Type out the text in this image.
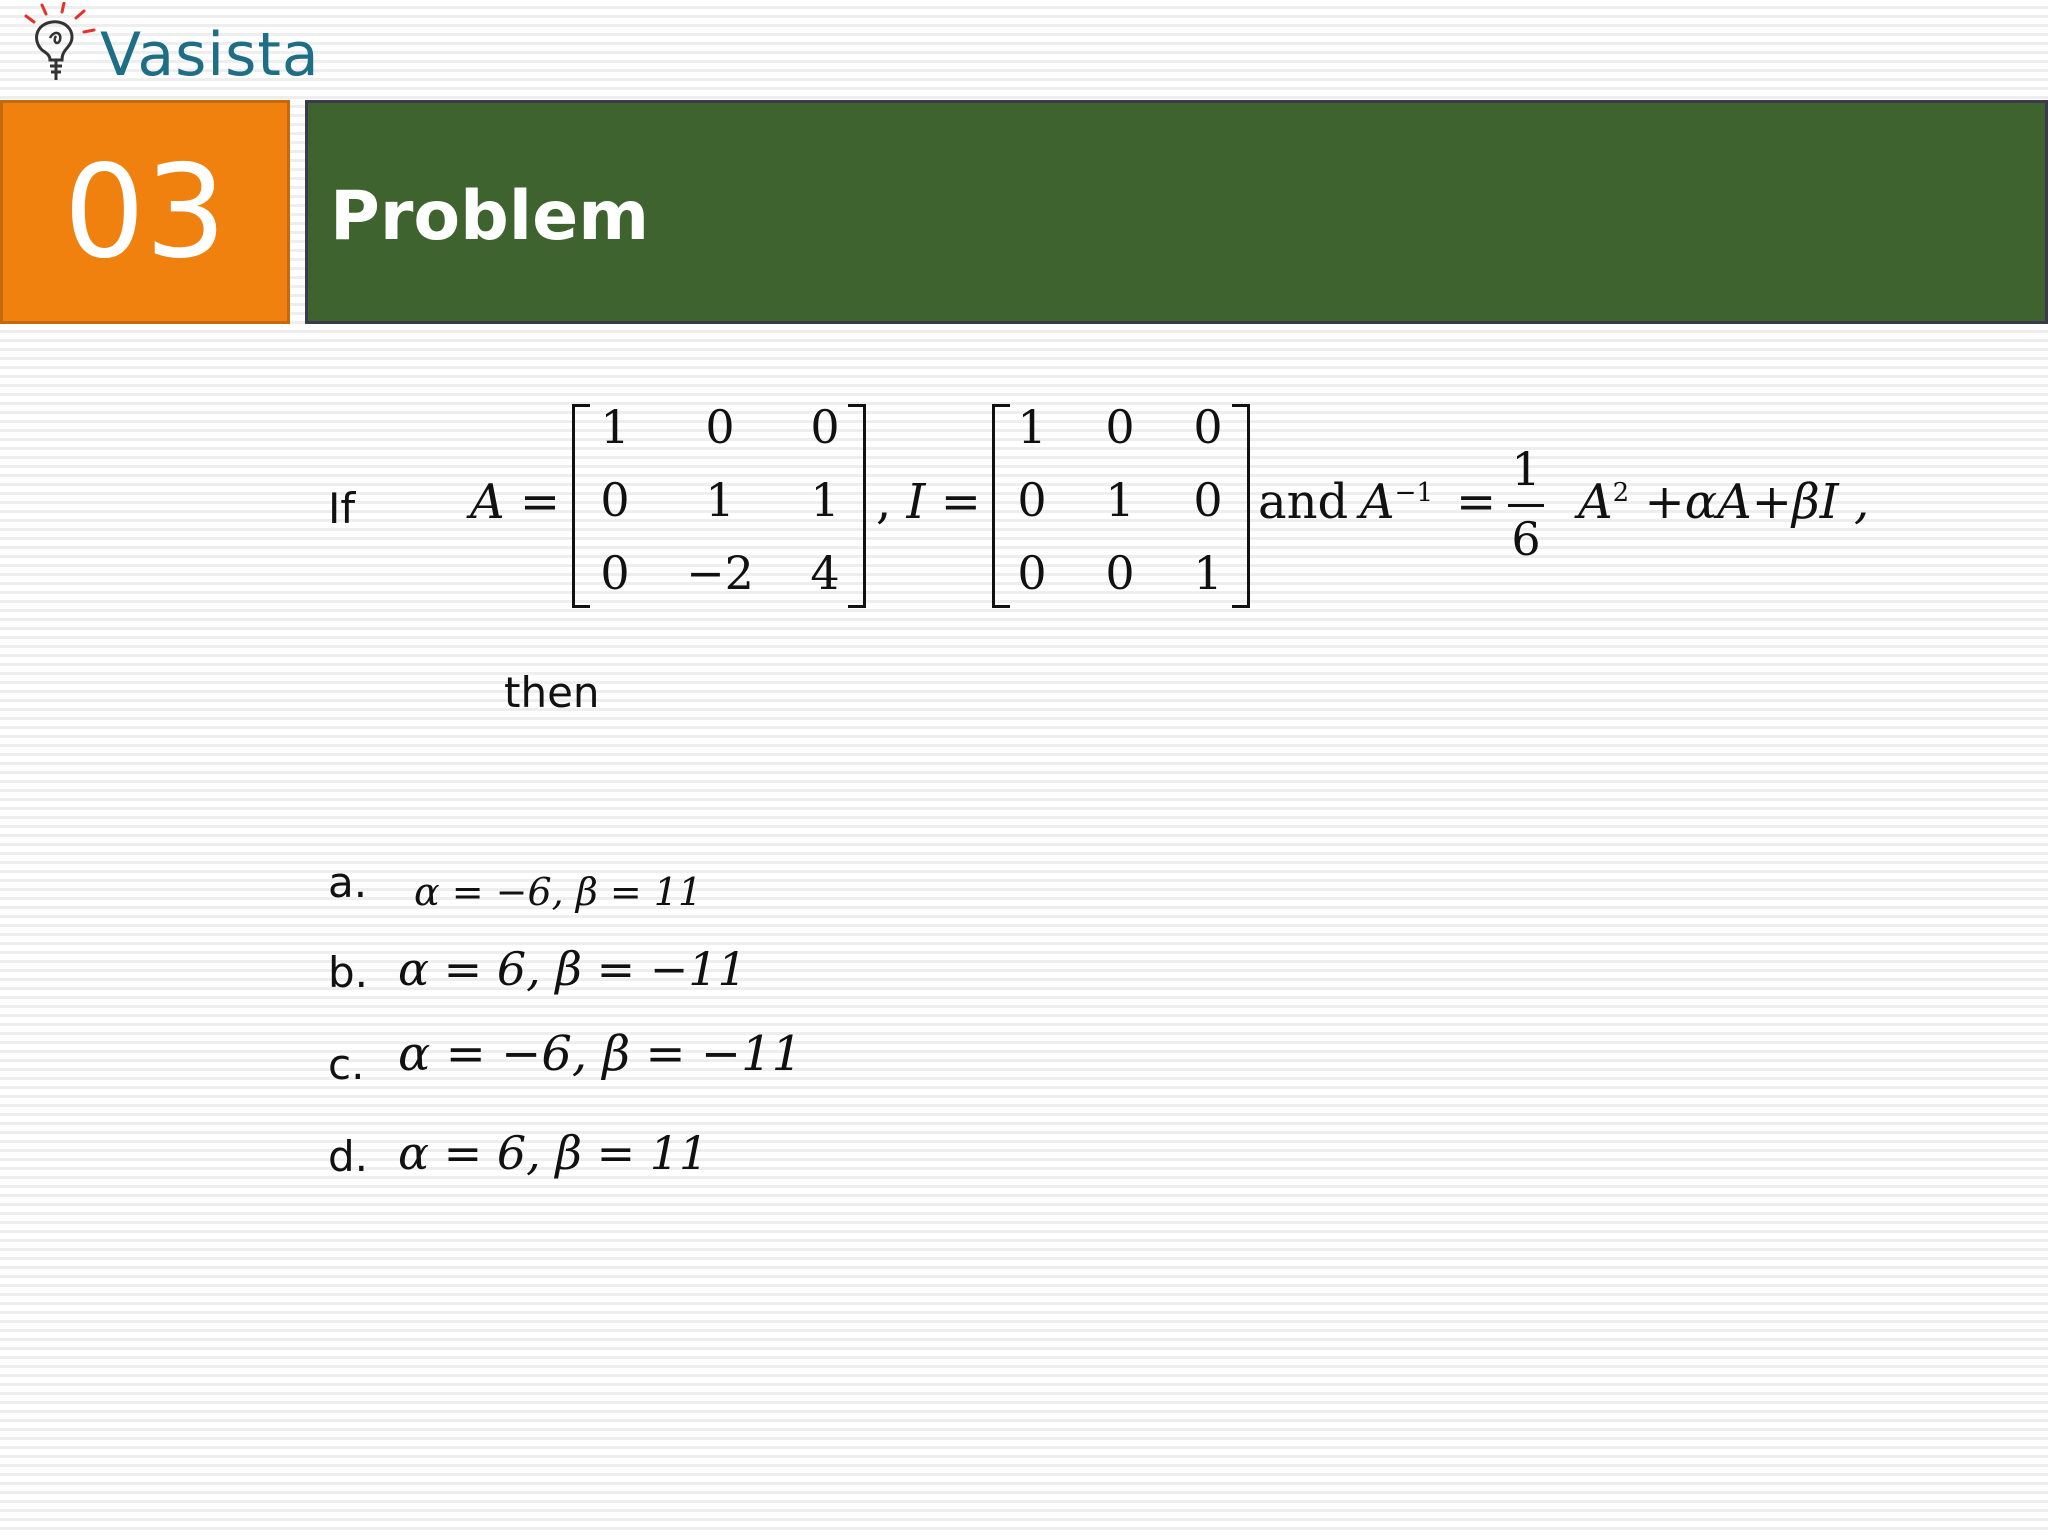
Vasista
03 Problem
If A =
1	0	0
0	1	1
0	−2	4
, I =
1	0	0
0	1	0
0	0	1
and $A^{-1}$ =
1
6
$A^2 +\alpha A+\beta I$ ,
then
a. α = −6, β = 11
b. α = 6, β = −11
c. α = −6, β = −11
d. α = 6, β = 11
